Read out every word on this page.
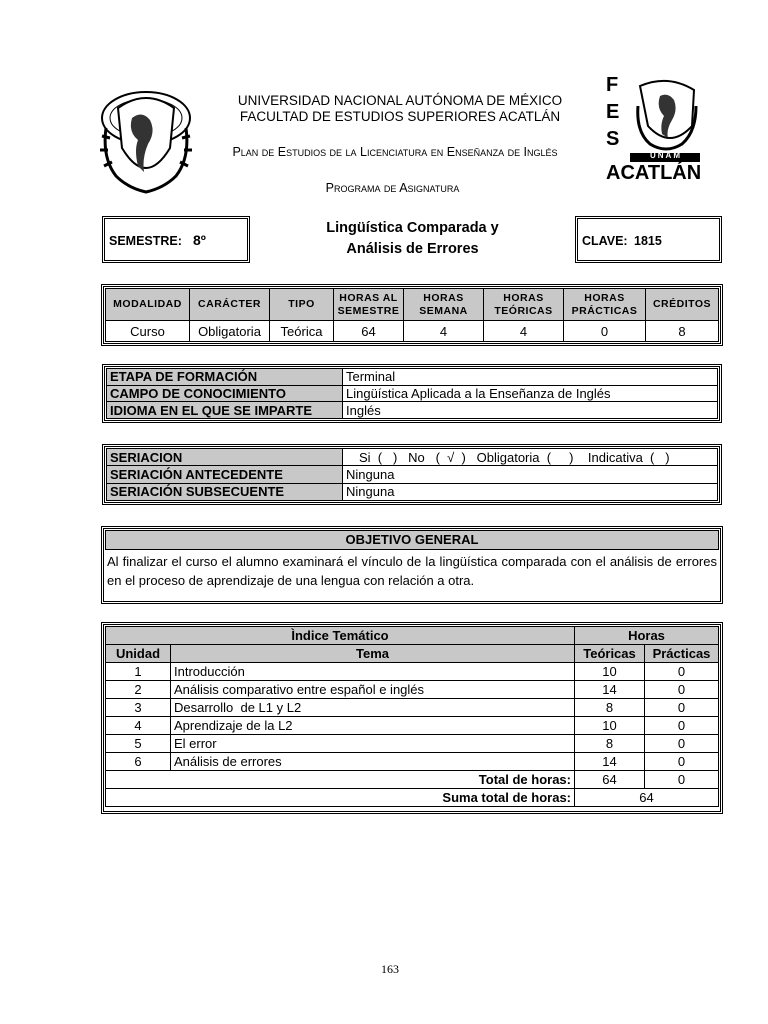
F
E
S
UNAM
ACATLÁN
UNIVERSIDAD NACIONAL AUTÓNOMA DE MÉXICO
FACULTAD DE ESTUDIOS SUPERIORES ACATLÁN
Plan de Estudios de la Licenciatura en Enseñanza de Inglés
Programa de Asignatura
SEMESTRE: 8º
Lingüística Comparada y
Análisis de Errores	CLAVE: 1815
MODALIDAD	CARÁCTER	TIPO	HORAS AL SEMESTRE	HORAS SEMANA	HORAS TEÓRICAS	HORAS PRÁCTICAS	CRÉDITOS
Curso	Obligatoria	Teórica	64	4	4	0	8
ETAPA DE FORMACIÓN	Terminal
CAMPO DE CONOCIMIENTO	Lingüística Aplicada a la Enseñanza de Inglés
IDIOMA EN EL QUE SE IMPARTE	Inglés
SERIACION	Si  (   )   No   (  √  )   Obligatoria  (     )    Indicativa  (   )
SERIACIÓN ANTECEDENTE	Ninguna
SERIACIÓN SUBSECUENTE	Ninguna
OBJETIVO GENERAL
Al finalizar el curso el alumno examinará el vínculo de la lingüística comparada con el análisis de errores en el proceso de aprendizaje de una lengua con relación a otra.
Ìndice Temático		Horas	
Unidad	Tema	Teóricas	Prácticas
1	Introducción	10	0
2	Análisis comparativo entre español e inglés	14	0
3	Desarrollo  de L1 y L2	8	0
4	Aprendizaje de la L2	10	0
5	El error	8	0
6	Análisis de errores	14	0
Total de horas:		64	0
Suma total de horas:		64	
163
